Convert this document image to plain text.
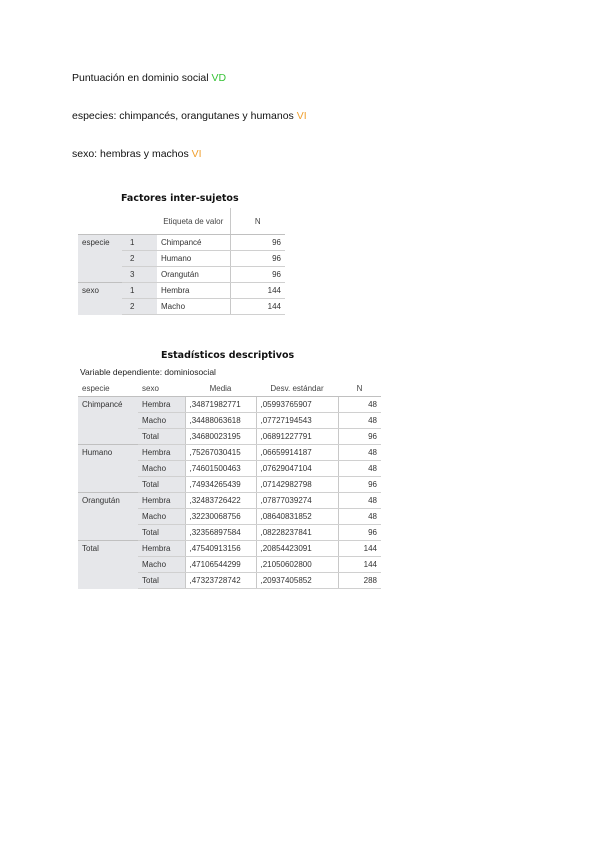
Puntuación en dominio social VD
especies: chimpancés, orangutanes y humanos VI
sexo: hembras y machos VI
Factores inter-sujetos
		Etiqueta de valor	N
especie	1	Chimpancé	96
	2	Humano	96
	3	Orangután	96
sexo	1	Hembra	144
	2	Macho	144
Estadísticos descriptivos
Variable dependiente: dominiosocial
especie	sexo	Media	Desv. estándar	N
Chimpancé	Hembra	,34871982771	,05993765907	48
	Macho	,34488063618	,07727194543	48
	Total	,34680023195	,06891227791	96
Humano	Hembra	,75267030415	,06659914187	48
	Macho	,74601500463	,07629047104	48
	Total	,74934265439	,07142982798	96
Orangután	Hembra	,32483726422	,07877039274	48
	Macho	,32230068756	,08640831852	48
	Total	,32356897584	,08228237841	96
Total	Hembra	,47540913156	,20854423091	144
	Macho	,47106544299	,21050602800	144
	Total	,47323728742	,20937405852	288
